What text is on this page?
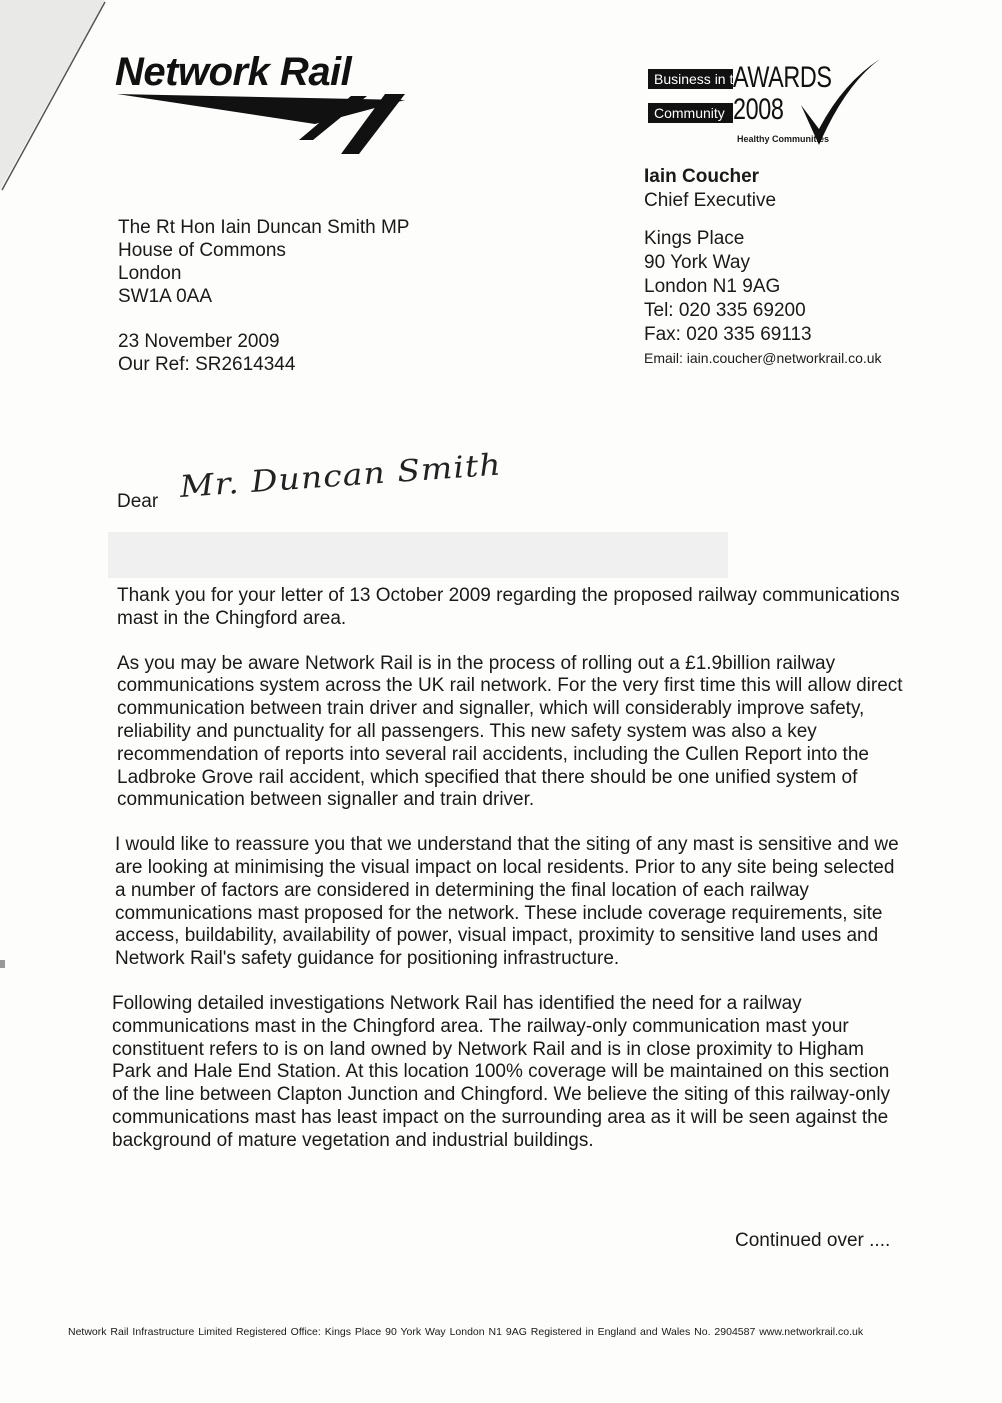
Network Rail	Business in the
Community
AWARDS
2008
Healthy Communities
Iain Coucher
Chief Executive
Kings Place
90 York Way
London N1 9AG
Tel: 020 335 69200
Fax: 020 335 69113
Email: iain.coucher@networkrail.co.uk
The Rt Hon Iain Duncan Smith MP
House of Commons
London
SW1A 0AA
23 November 2009
Our Ref: SR2614344
Dear Mr. Duncan Smith

Thank you for your letter of 13 October 2009 regarding the proposed railway communications mast in the Chingford area.

As you may be aware Network Rail is in the process of rolling out a £1.9billion railway communications system across the UK rail network. For the very first time this will allow direct communication between train driver and signaller, which will considerably improve safety, reliability and punctuality for all passengers. This new safety system was also a key recommendation of reports into several rail accidents, including the Cullen Report into the Ladbroke Grove rail accident, which specified that there should be one unified system of communication between signaller and train driver.

I would like to reassure you that we understand that the siting of any mast is sensitive and we are looking at minimising the visual impact on local residents. Prior to any site being selected a number of factors are considered in determining the final location of each railway communications mast proposed for the network. These include coverage requirements, site access, buildability, availability of power, visual impact, proximity to sensitive land uses and Network Rail's safety guidance for positioning infrastructure.

Following detailed investigations Network Rail has identified the need for a railway communications mast in the Chingford area. The railway-only communication mast your constituent refers to is on land owned by Network Rail and is in close proximity to Higham Park and Hale End Station. At this location 100% coverage will be maintained on this section of the line between Clapton Junction and Chingford. We believe the siting of this railway-only communications mast has least impact on the surrounding area as it will be seen against the background of mature vegetation and industrial buildings.

Continued over ....
Network Rail Infrastructure Limited Registered Office: Kings Place 90 York Way London N1 9AG Registered in England and Wales No. 2904587 www.networkrail.co.uk
